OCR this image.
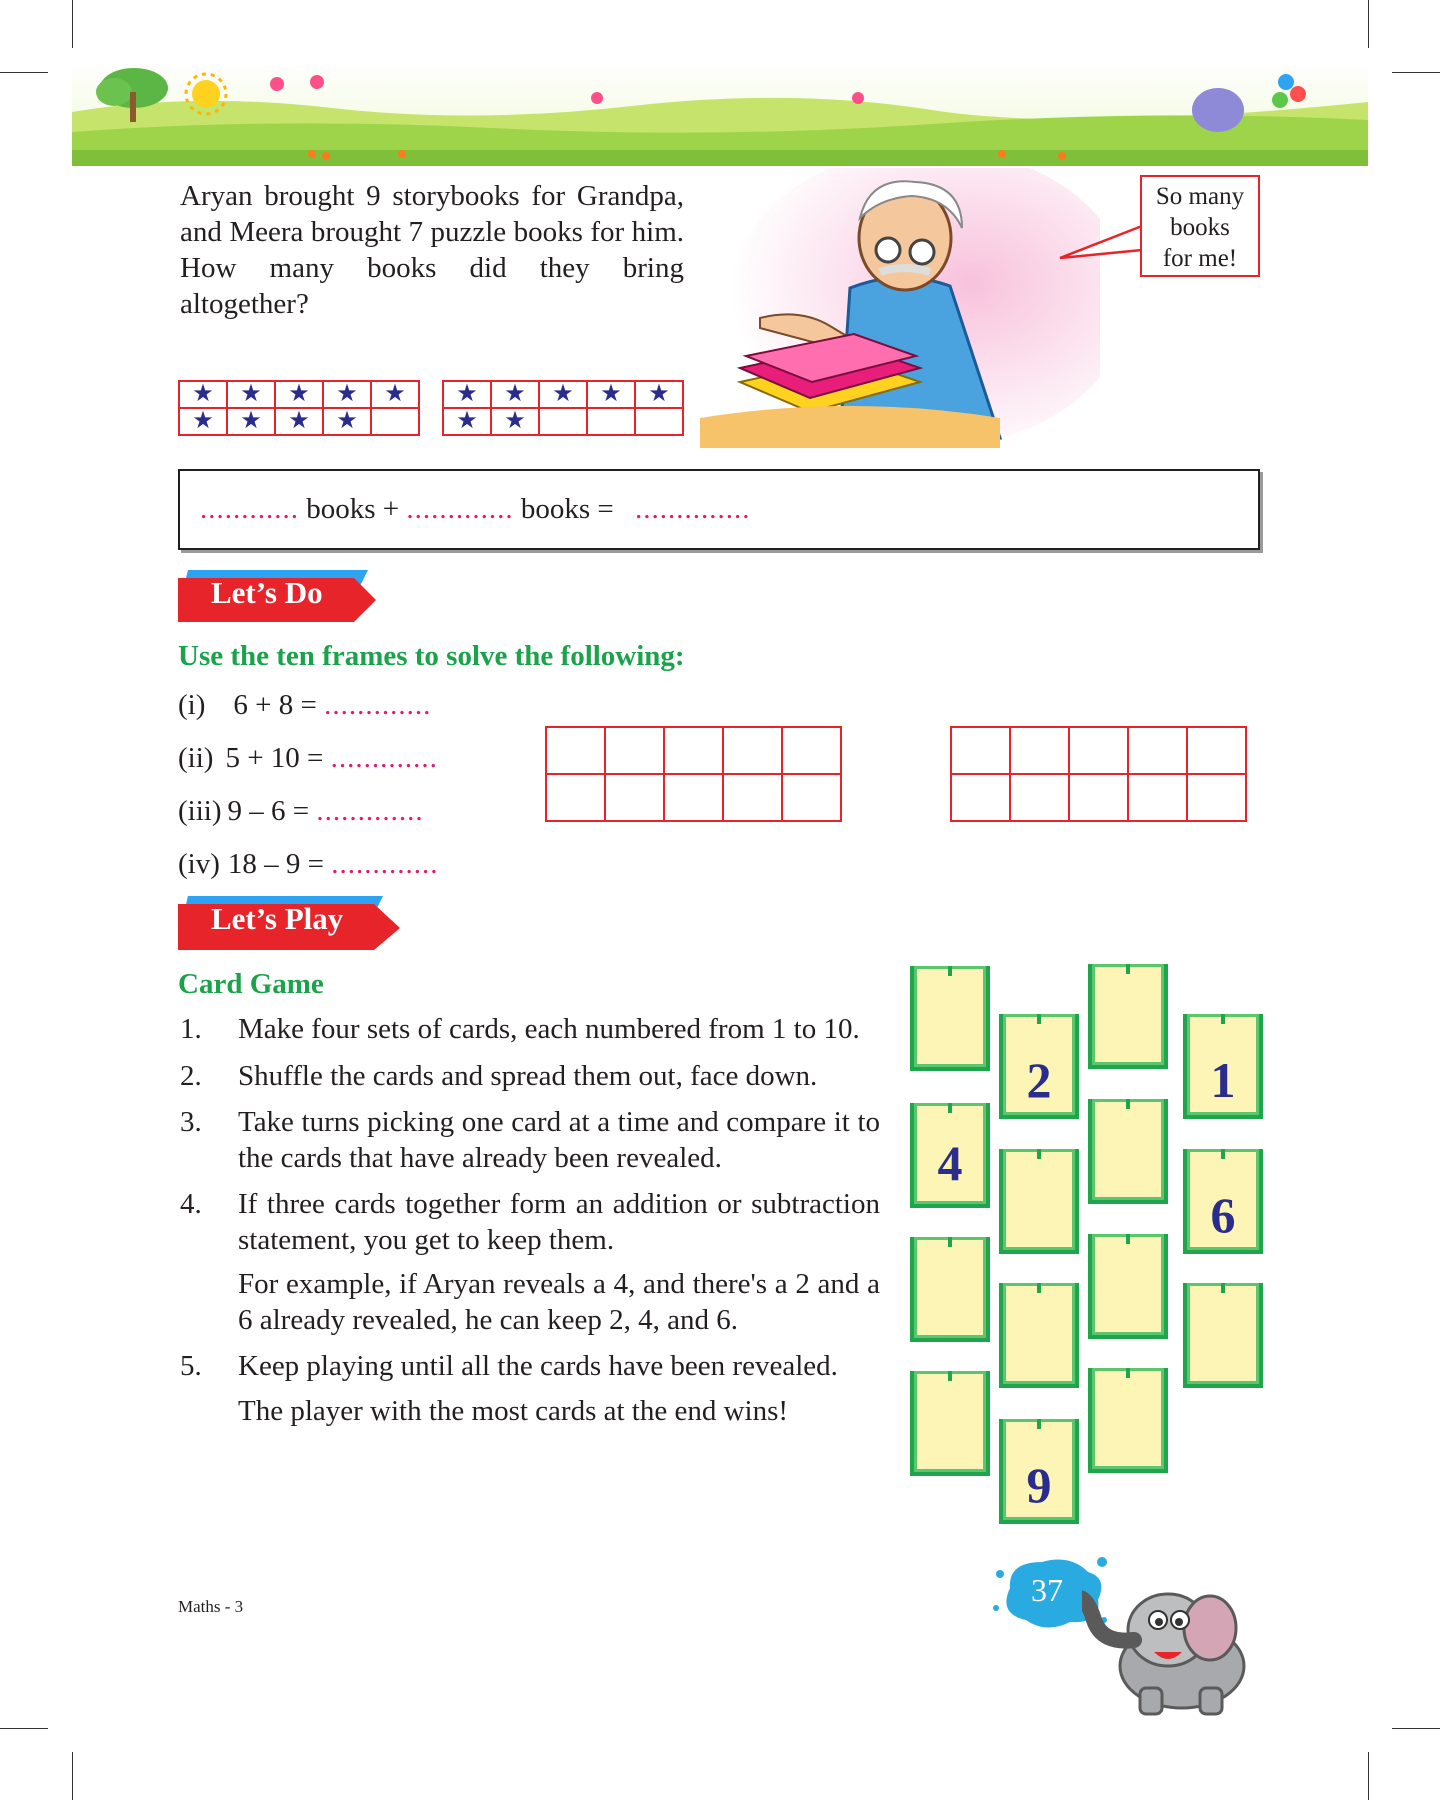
Aryan brought 9 storybooks for Grandpa, and Meera brought 7 puzzle books for him. How many books did they bring altogether?
So many
books
for me!
★	★	★	★	★
★	★	★	★	
★	★	★	★	★
★	★			
............ books + ............. books = ..............
Let’s Do
Use the ten frames to solve the following:
(i) 6 + 8 = .............
(ii) 5 + 10 = .............
(iii) 9 – 6 = .............
(iv) 18 – 9 = .............

Let’s Play
Card Game
1. Make four sets of cards, each numbered from 1 to 10.
2. Shuffle the cards and spread them out, face down.
3. Take turns picking one card at a time and compare it to the cards that have already been revealed.
4. If three cards together form an addition or subtraction statement, you get to keep them.
For example, if Aryan reveals a 4, and there's a 2 and a 6 already revealed, he can keep 2, 4, and 6.
5. Keep playing until all the cards have been revealed.
The player with the most cards at the end wins!
2	1
4
6
9
Maths - 3	37
